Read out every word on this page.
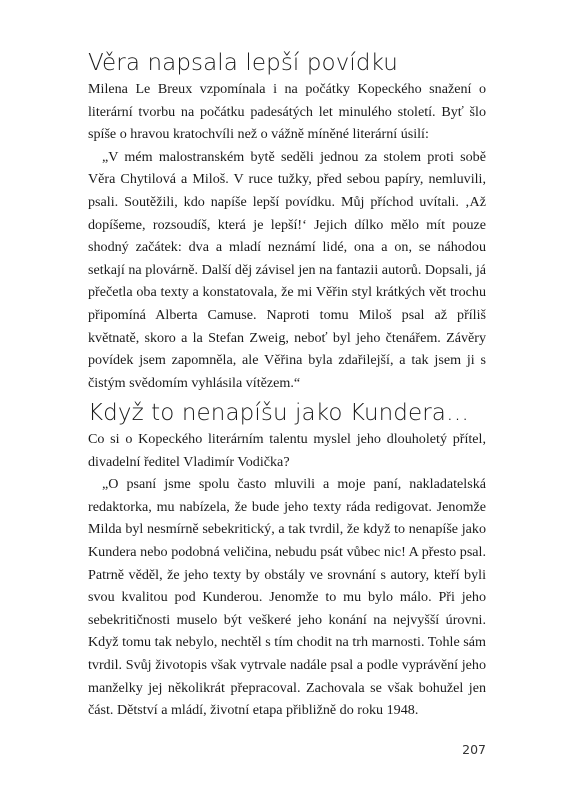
Věra napsala lepší povídku

Milena Le Breux vzpomínala i na počátky Kopeckého snažení o literární tvorbu na počátku padesátých let minulého století. Byť šlo spíše o hravou kratochvíli než o vážně míněné literární úsilí:

„V mém malostranském bytě seděli jednou za stolem proti sobě Věra Chytilová a Miloš. V ruce tužky, před sebou papíry, nemluvili, psali. Soutěžili, kdo napíše lepší povídku. Můj příchod uvítali. ‚Až dopíšeme, rozsoudíš, která je lepší!‘ Jejich dílko mělo mít pouze shodný začátek: dva a mladí neznámí lidé, ona a on, se náhodou setkají na plovárně. Další děj závisel jen na fantazii autorů. Dopsali, já přečetla oba texty a konstatovala, že mi Věřin styl krátkých vět trochu připomíná Alberta Camuse. Naproti tomu Miloš psal až příliš květnatě, skoro a la Stefan Zweig, neboť byl jeho čtenářem. Závěry povídek jsem zapomněla, ale Věřina byla zdařilejší, a tak jsem ji s čistým svědomím vyhlásila vítězem.“

Když to nenapíšu jako Kundera…

Co si o Kopeckého literárním talentu myslel jeho dlouholetý přítel, divadelní ředitel Vladimír Vodička?

„O psaní jsme spolu často mluvili a moje paní, nakladatelská redaktorka, mu nabízela, že bude jeho texty ráda redigovat. Jenomže Milda byl nesmírně sebekritický, a tak tvrdil, že když to nenapíše jako Kundera nebo podobná veličina, nebudu psát vůbec nic! A přesto psal. Patrně věděl, že jeho texty by obstály ve srovnání s autory, kteří byli svou kvalitou pod Kunderou. Jenomže to mu bylo málo. Při jeho sebekritičnosti muselo být veškeré jeho konání na nejvyšší úrovni. Když tomu tak nebylo, nechtěl s tím chodit na trh marnosti. Tohle sám tvrdil. Svůj životopis však vytrvale nadále psal a podle vyprávění jeho manželky jej několikrát přepracoval. Zachovala se však bohužel jen část. Dětství a mládí, životní etapa přibližně do roku 1948.

207
